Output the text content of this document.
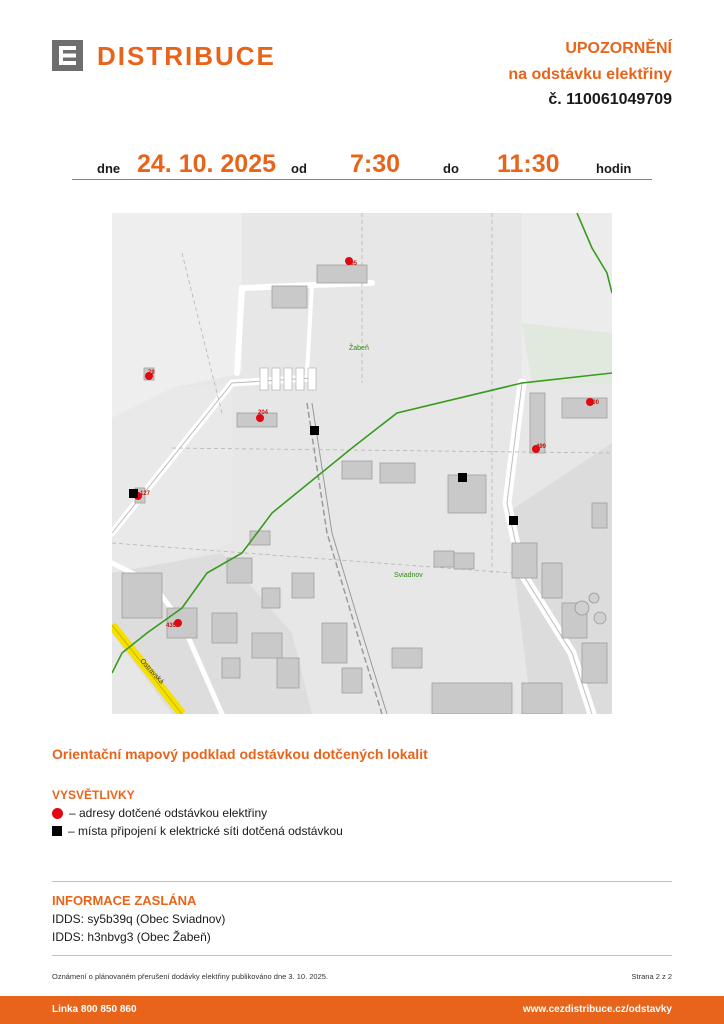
DISTRIBUCE	UPOZORNĚNÍ
na odstávku elektřiny
č. 110061049709
dne 24. 10. 2025 od 7:30	do 11:30	hodin
205
79
204
127
435
500
499
Žabeň
Sviadnov
Ostravská
Orientační mapový podklad odstávkou dotčených lokalit
VYSVĚTLIVKY
– adresy dotčené odstávkou elektřiny
– místa připojení k elektrické síti dotčená odstávkou
INFORMACE ZASLÁNA
IDDS: sy5b39q (Obec Sviadnov)
IDDS: h3nbvg3 (Obec Žabeň)
Oznámení o plánovaném přerušení dodávky elektřiny publikováno dne 3. 10. 2025.	Strana 2 z 2
Linka 800 850 860	www.cezdistribuce.cz/odstavky
